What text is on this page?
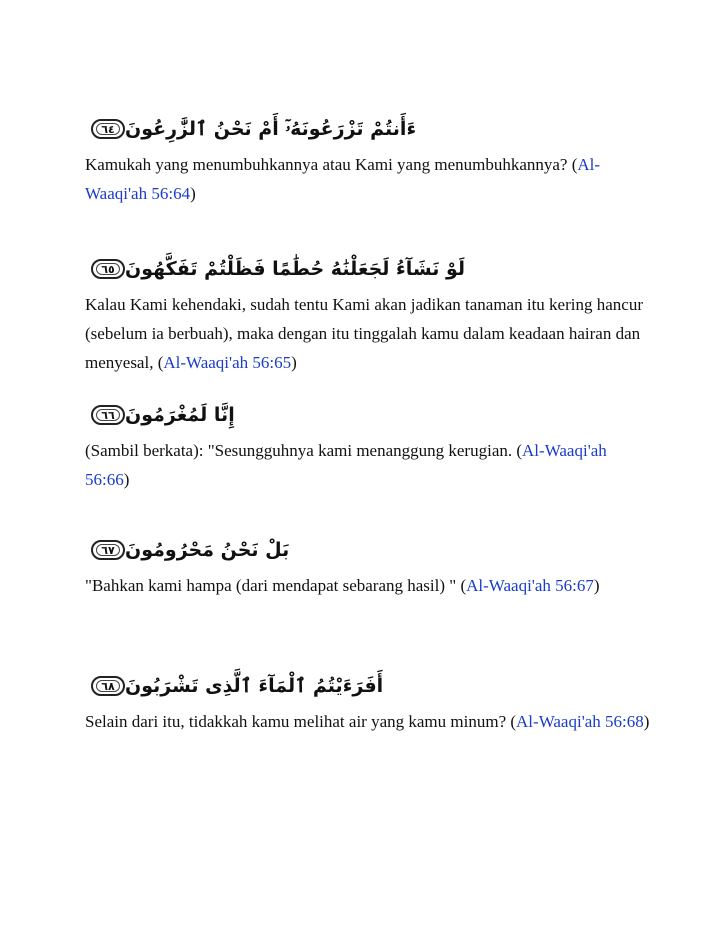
ءَأَنتُمْ تَزْرَعُونَهُۥٓ أَمْ نَحْنُ ٱلزَّٰرِعُونَ
٦٤

Kamukah yang menumbuhkannya atau Kami yang menumbuhkannya? (Al-Waaqi'ah 56:64)

لَوْ نَشَآءُ لَجَعَلْنَٰهُ حُطَٰمًا فَظَلْتُمْ تَفَكَّهُونَ
٦٥

Kalau Kami kehendaki, sudah tentu Kami akan jadikan tanaman itu kering hancur (sebelum ia berbuah), maka dengan itu tinggalah kamu dalam keadaan hairan dan menyesal, (Al-Waaqi'ah 56:65)

إِنَّا لَمُغْرَمُونَ
٦٦

(Sambil berkata): "Sesungguhnya kami menanggung kerugian. (Al-Waaqi'ah 56:66)

بَلْ نَحْنُ مَحْرُومُونَ
٦٧

"Bahkan kami hampa (dari mendapat sebarang hasil) " (Al-Waaqi'ah 56:67)

أَفَرَءَيْتُمُ ٱلْمَآءَ ٱلَّذِى تَشْرَبُونَ
٦٨

Selain dari itu, tidakkah kamu melihat air yang kamu minum? (Al-Waaqi'ah 56:68)
